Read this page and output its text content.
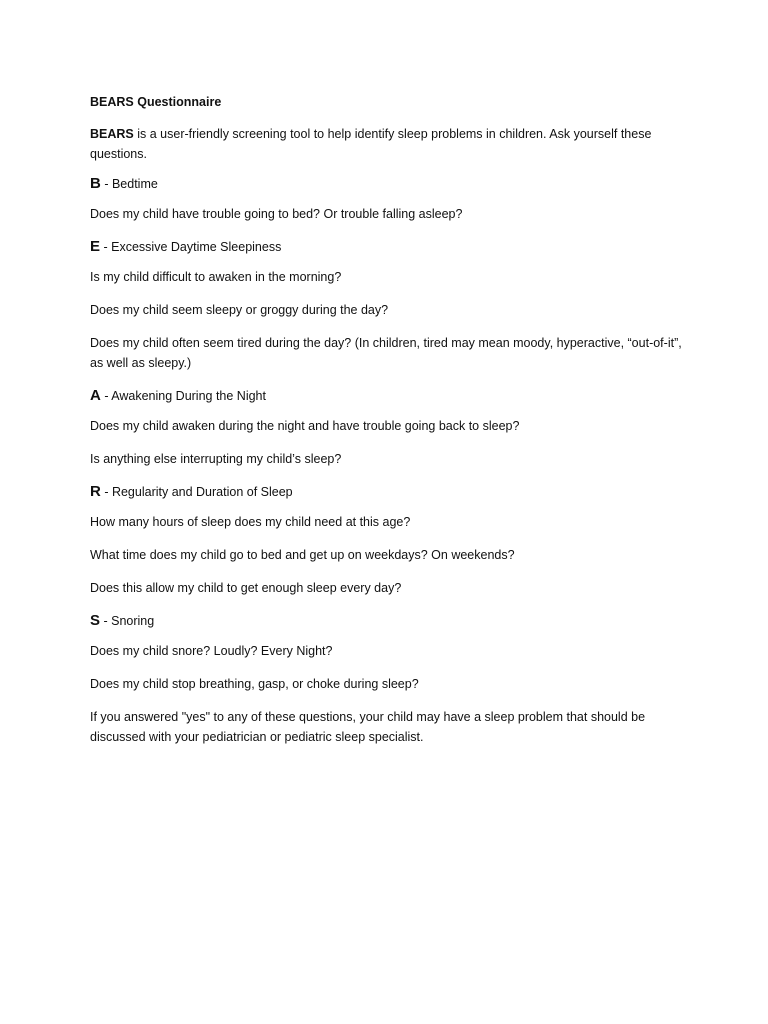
BEARS Questionnaire

BEARS is a user-friendly screening tool to help identify sleep problems in children. Ask yourself these questions.

B - Bedtime

Does my child have trouble going to bed? Or trouble falling asleep?

E - Excessive Daytime Sleepiness

Is my child difficult to awaken in the morning?

Does my child seem sleepy or groggy during the day?

Does my child often seem tired during the day? (In children, tired may mean moody, hyperactive, “out-of-it”, as well as sleepy.)

A - Awakening During the Night

Does my child awaken during the night and have trouble going back to sleep?

Is anything else interrupting my child’s sleep?

R - Regularity and Duration of Sleep

How many hours of sleep does my child need at this age?

What time does my child go to bed and get up on weekdays? On weekends?

Does this allow my child to get enough sleep every day?

S - Snoring

Does my child snore? Loudly? Every Night?

Does my child stop breathing, gasp, or choke during sleep?

If you answered "yes" to any of these questions, your child may have a sleep problem that should be discussed with your pediatrician or pediatric sleep specialist.
